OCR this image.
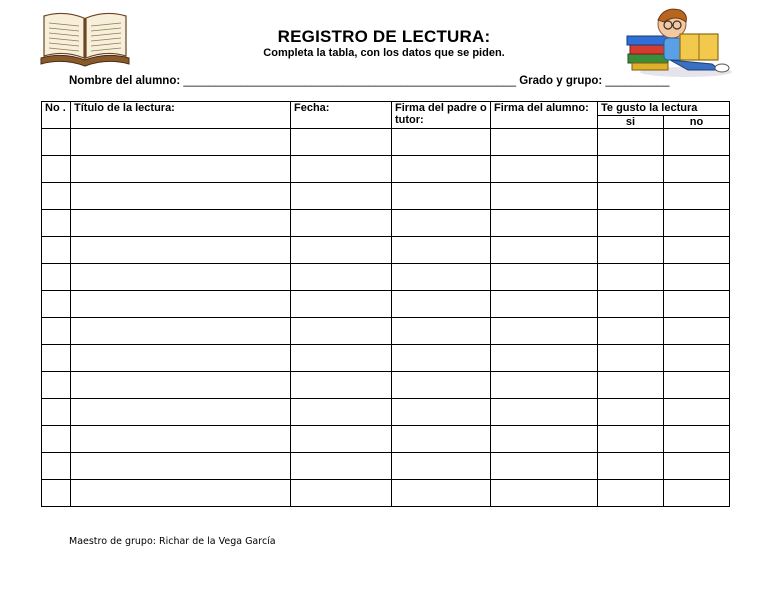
REGISTRO DE LECTURA:
Completa la tabla, con los datos que se piden.
Nombre del alumno: ____________________________________________________ Grado y grupo: __________
No .	Título de la lectura:	Fecha:	Firma del padre o tutor:	Firma del alumno:	Te gusto la lectura	
					si	no

Maestro de grupo: Richar de la Vega García
